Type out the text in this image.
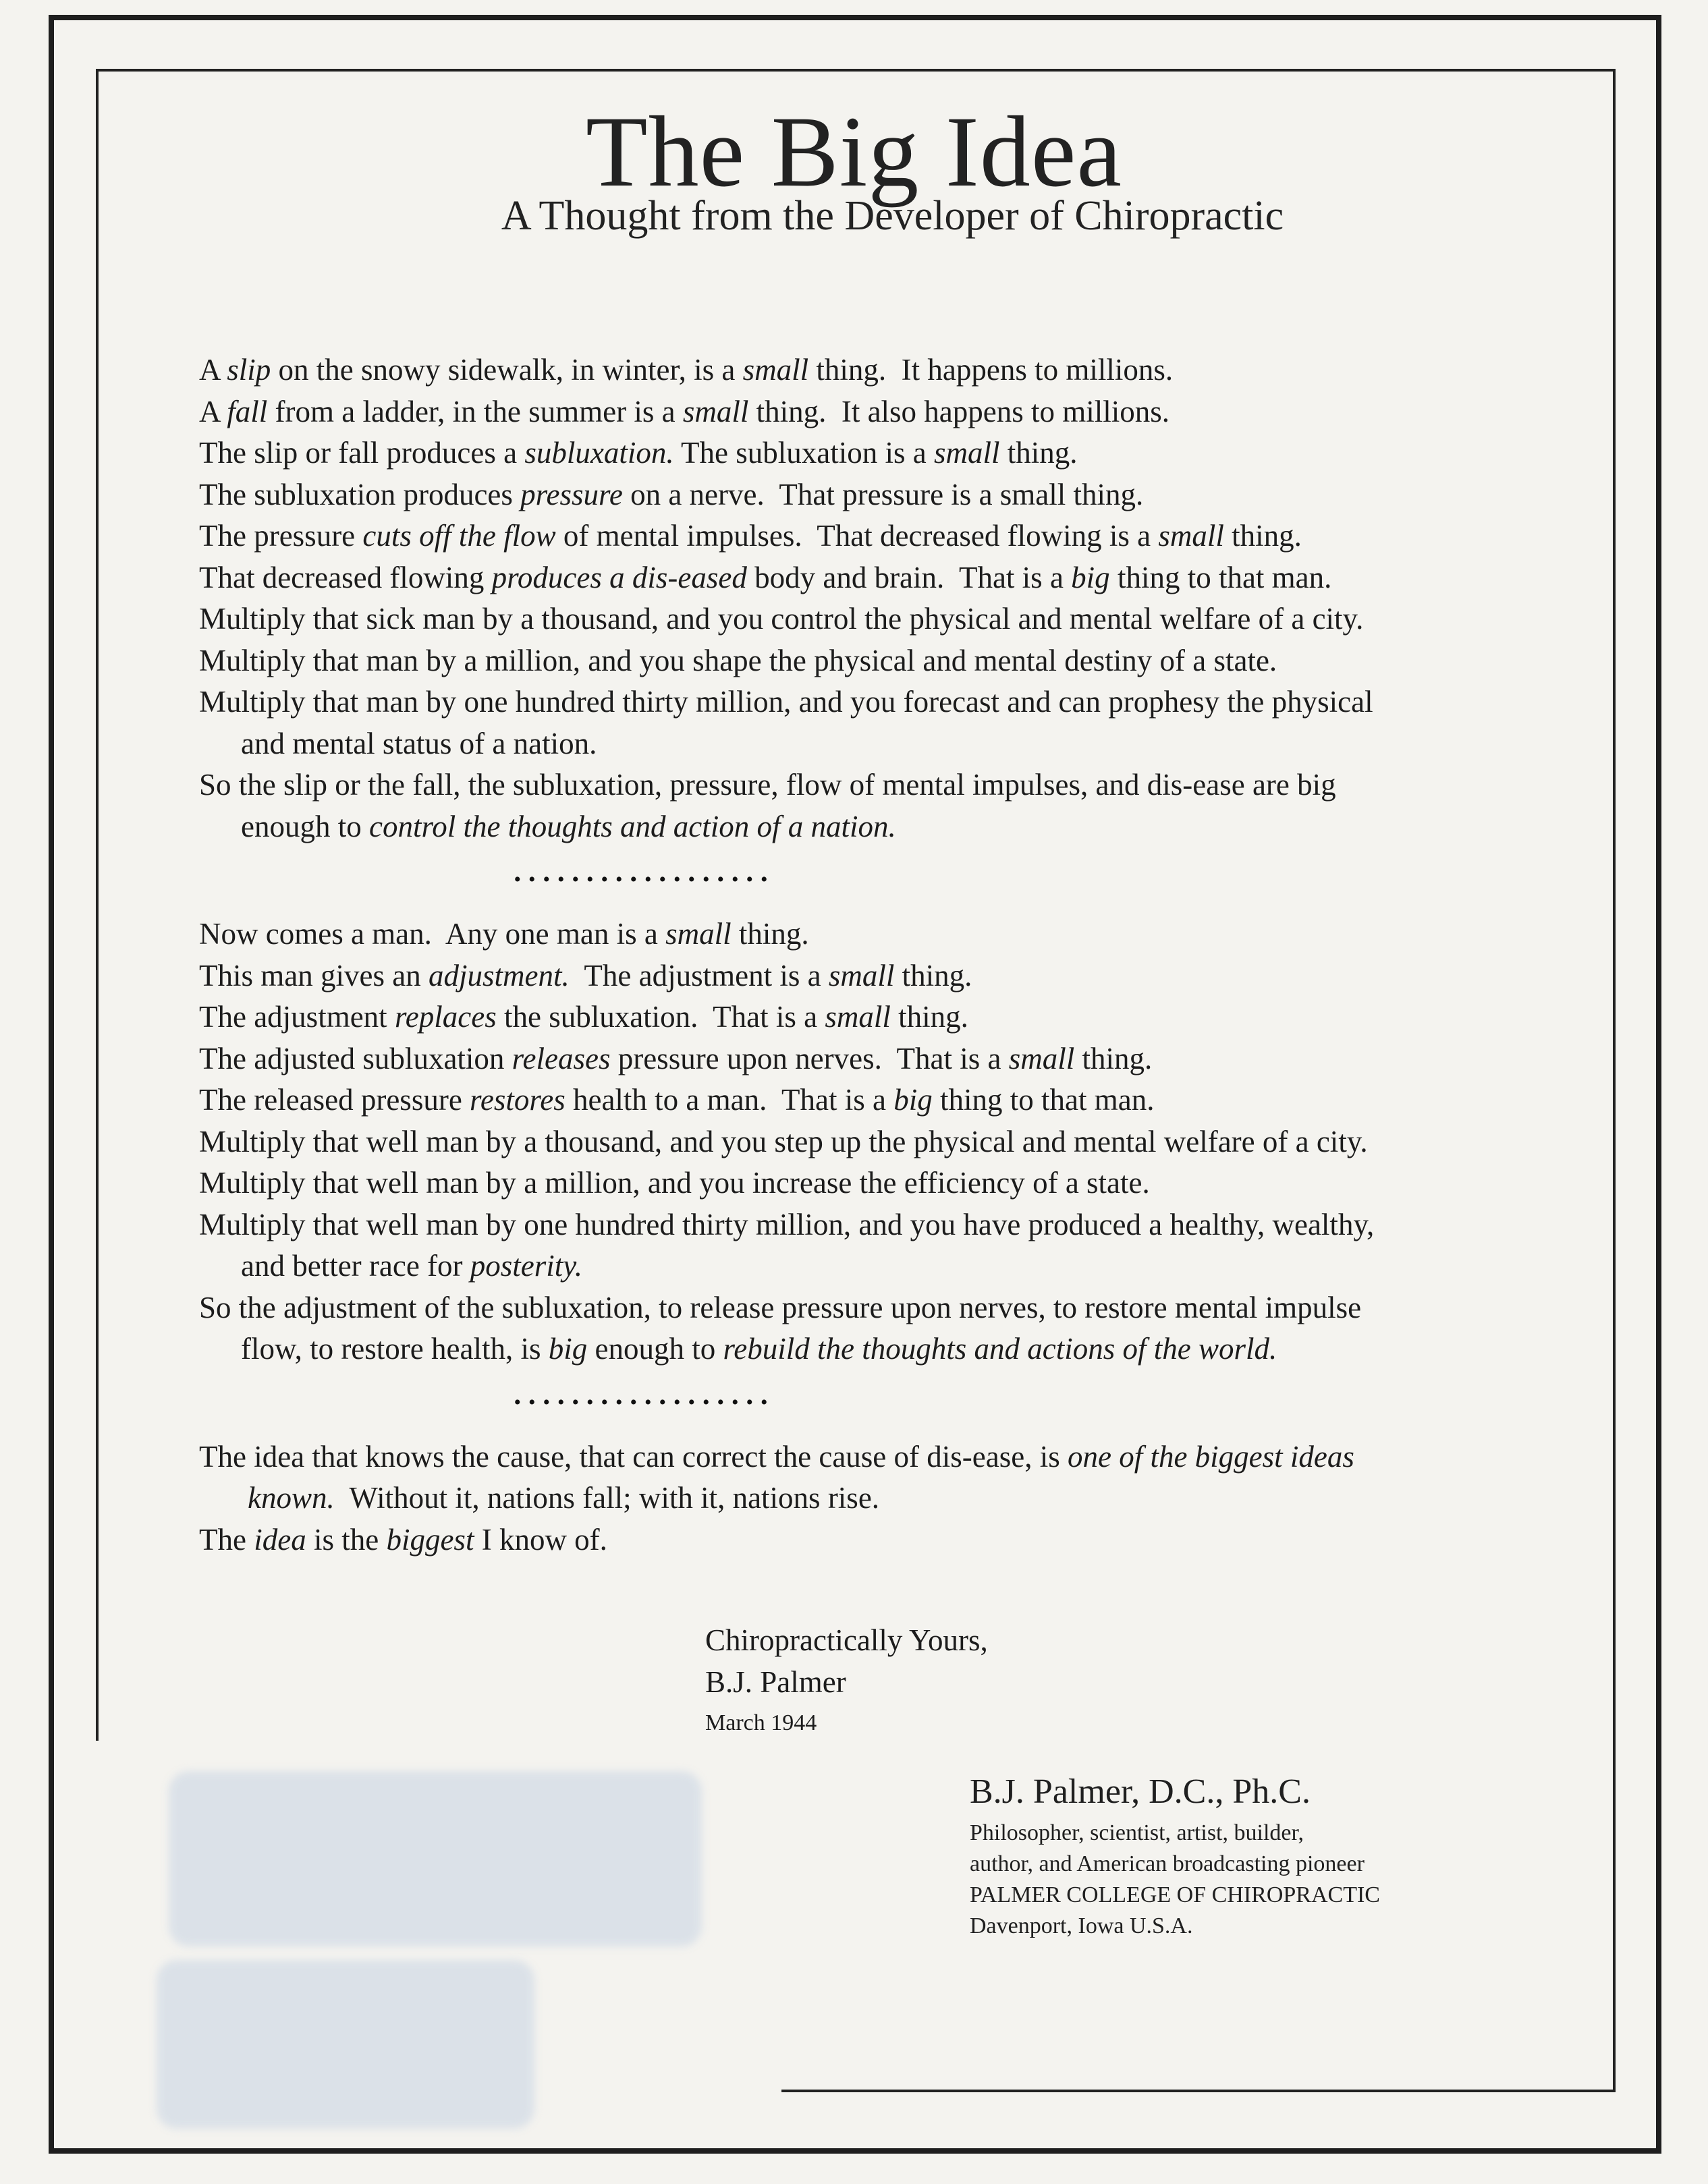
The Big Idea
A Thought from the Developer of Chiropractic
A slip on the snowy sidewalk, in winter, is a small thing.  It happens to millions.
A fall from a ladder, in the summer is a small thing.  It also happens to millions.
The slip or fall produces a subluxation. The subluxation is a small thing.
The subluxation produces pressure on a nerve.  That pressure is a small thing.
The pressure cuts off the flow of mental impulses.  That decreased flowing is a small thing.
That decreased flowing produces a dis-eased body and brain.  That is a big thing to that man.
Multiply that sick man by a thousand, and you control the physical and mental welfare of a city.
Multiply that man by a million, and you shape the physical and mental destiny of a state.
Multiply that man by one hundred thirty million, and you forecast and can prophesy the physical
and mental status of a nation.
So the slip or the fall, the subluxation, pressure, flow of mental impulses, and dis-ease are big
enough to control the thoughts and action of a nation.
••••••••••••••••••
Now comes a man.  Any one man is a small thing.
This man gives an adjustment.  The adjustment is a small thing.
The adjustment replaces the subluxation.  That is a small thing.
The adjusted subluxation releases pressure upon nerves.  That is a small thing.
The released pressure restores health to a man.  That is a big thing to that man.
Multiply that well man by a thousand, and you step up the physical and mental welfare of a city.
Multiply that well man by a million, and you increase the efficiency of a state.
Multiply that well man by one hundred thirty million, and you have produced a healthy, wealthy,
and better race for posterity.
So the adjustment of the subluxation, to release pressure upon nerves, to restore mental impulse
flow, to restore health, is big enough to rebuild the thoughts and actions of the world.
••••••••••••••••••
The idea that knows the cause, that can correct the cause of dis-ease, is one of the biggest ideas
known.  Without it, nations fall; with it, nations rise.
The idea is the biggest I know of.
Chiropractically Yours,
B.J. Palmer
March 1944
B.J. Palmer, D.C., Ph.C.
Philosopher, scientist, artist, builder,
author, and American broadcasting pioneer
PALMER COLLEGE OF CHIROPRACTIC
Davenport, Iowa U.S.A.
